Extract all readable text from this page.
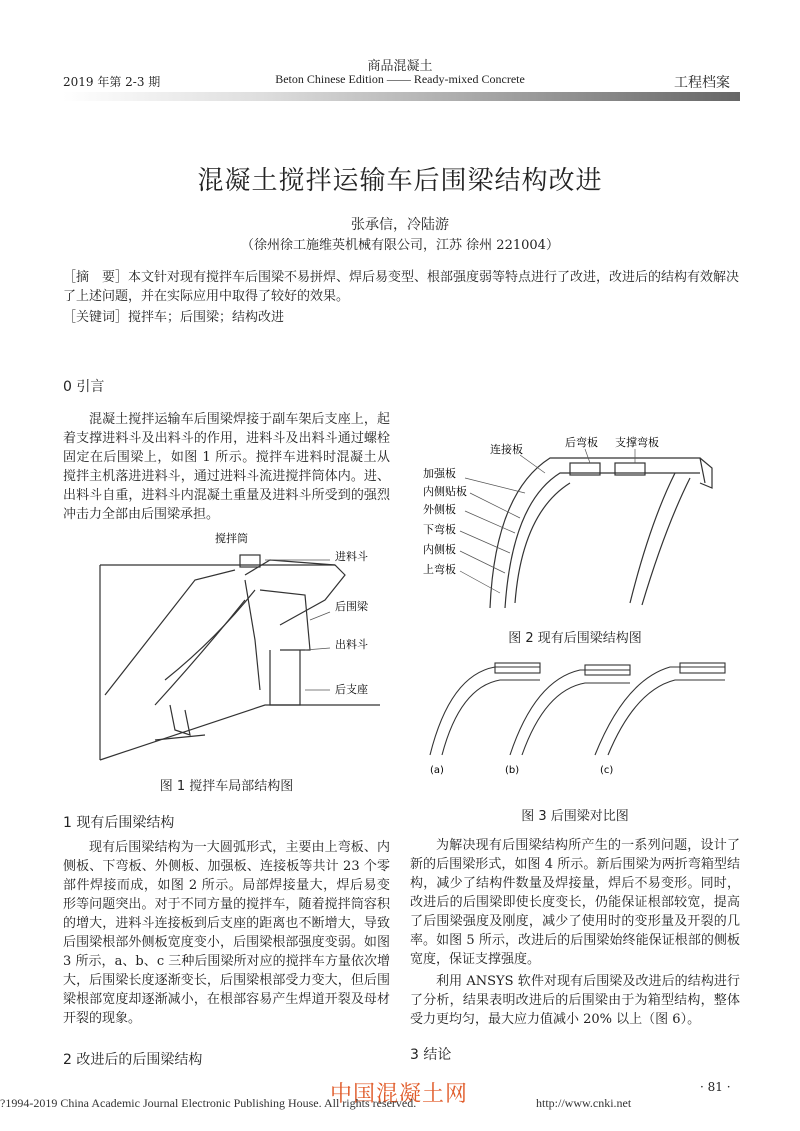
商品混凝土
Beton Chinese Edition —— Ready-mixed Concrete
2019 年第 2-3 期	工程档案
混凝土搅拌运输车后围梁结构改进
张承信，冷陆游
（徐州徐工施维英机械有限公司，江苏 徐州 221004）
［摘　要］本文针对现有搅拌车后围梁不易拼焊、焊后易变型、根部强度弱等特点进行了改进，改进后的结构有效解决了上述问题，并在实际应用中取得了较好的效果。
［关键词］搅拌车；后围梁；结构改进
0 引言

混凝土搅拌运输车后围梁焊接于副车架后支座上，起着支撑进料斗及出料斗的作用，进料斗及出料斗通过螺栓固定在后围梁上，如图 1 所示。搅拌车进料时混凝土从搅拌主机落进进料斗，通过进料斗流进搅拌筒体内。进、出料斗自重，进料斗内混凝土重量及进料斗所受到的强烈冲击力全部由后围梁承担。

搅拌筒
进料斗
后围梁
出料斗
后支座
图 1 搅拌车局部结构图
1 现有后围梁结构

现有后围梁结构为一大圆弧形式，主要由上弯板、内侧板、下弯板、外侧板、加强板、连接板等共计 23 个零部件焊接而成，如图 2 所示。局部焊接量大，焊后易变形等问题突出。对于不同方量的搅拌车，随着搅拌筒容积的增大，进料斗连接板到后支座的距离也不断增大，导致后围梁根部外侧板宽度变小，后围梁根部强度变弱。如图 3 所示，a、b、c 三种后围梁所对应的搅拌车方量依次增大，后围梁长度逐渐变长，后围梁根部受力变大，但后围梁根部宽度却逐渐减小，在根部容易产生焊道开裂及母材开裂的现象。

2 改进后的后围梁结构
连接板
后弯板 支撑弯板
加强板
内侧贴板
外侧板
下弯板
内侧板
上弯板
图 2 现有后围梁结构图
(a)	(b)	(c)
图 3 后围梁对比图

为解决现有后围梁结构所产生的一系列问题，设计了新的后围梁形式，如图 4 所示。新后围梁为两折弯箱型结构，减少了结构件数量及焊接量，焊后不易变形。同时，改进后的后围梁即使长度变长，仍能保证根部较宽，提高了后围梁强度及刚度，减少了使用时的变形量及开裂的几率。如图 5 所示，改进后的后围梁始终能保证根部的侧板宽度，保证支撑强度。

利用 ANSYS 软件对现有后围梁及改进后的结构进行了分析，结果表明改进后的后围梁由于为箱型结构，整体受力更均匀，最大应力值减小 20% 以上（图 6）。

3 结论
中国混凝土网	· 81 ·
?1994-2019 China Academic Journal Electronic Publishing House. All rights reserved.	http://www.cnki.net
